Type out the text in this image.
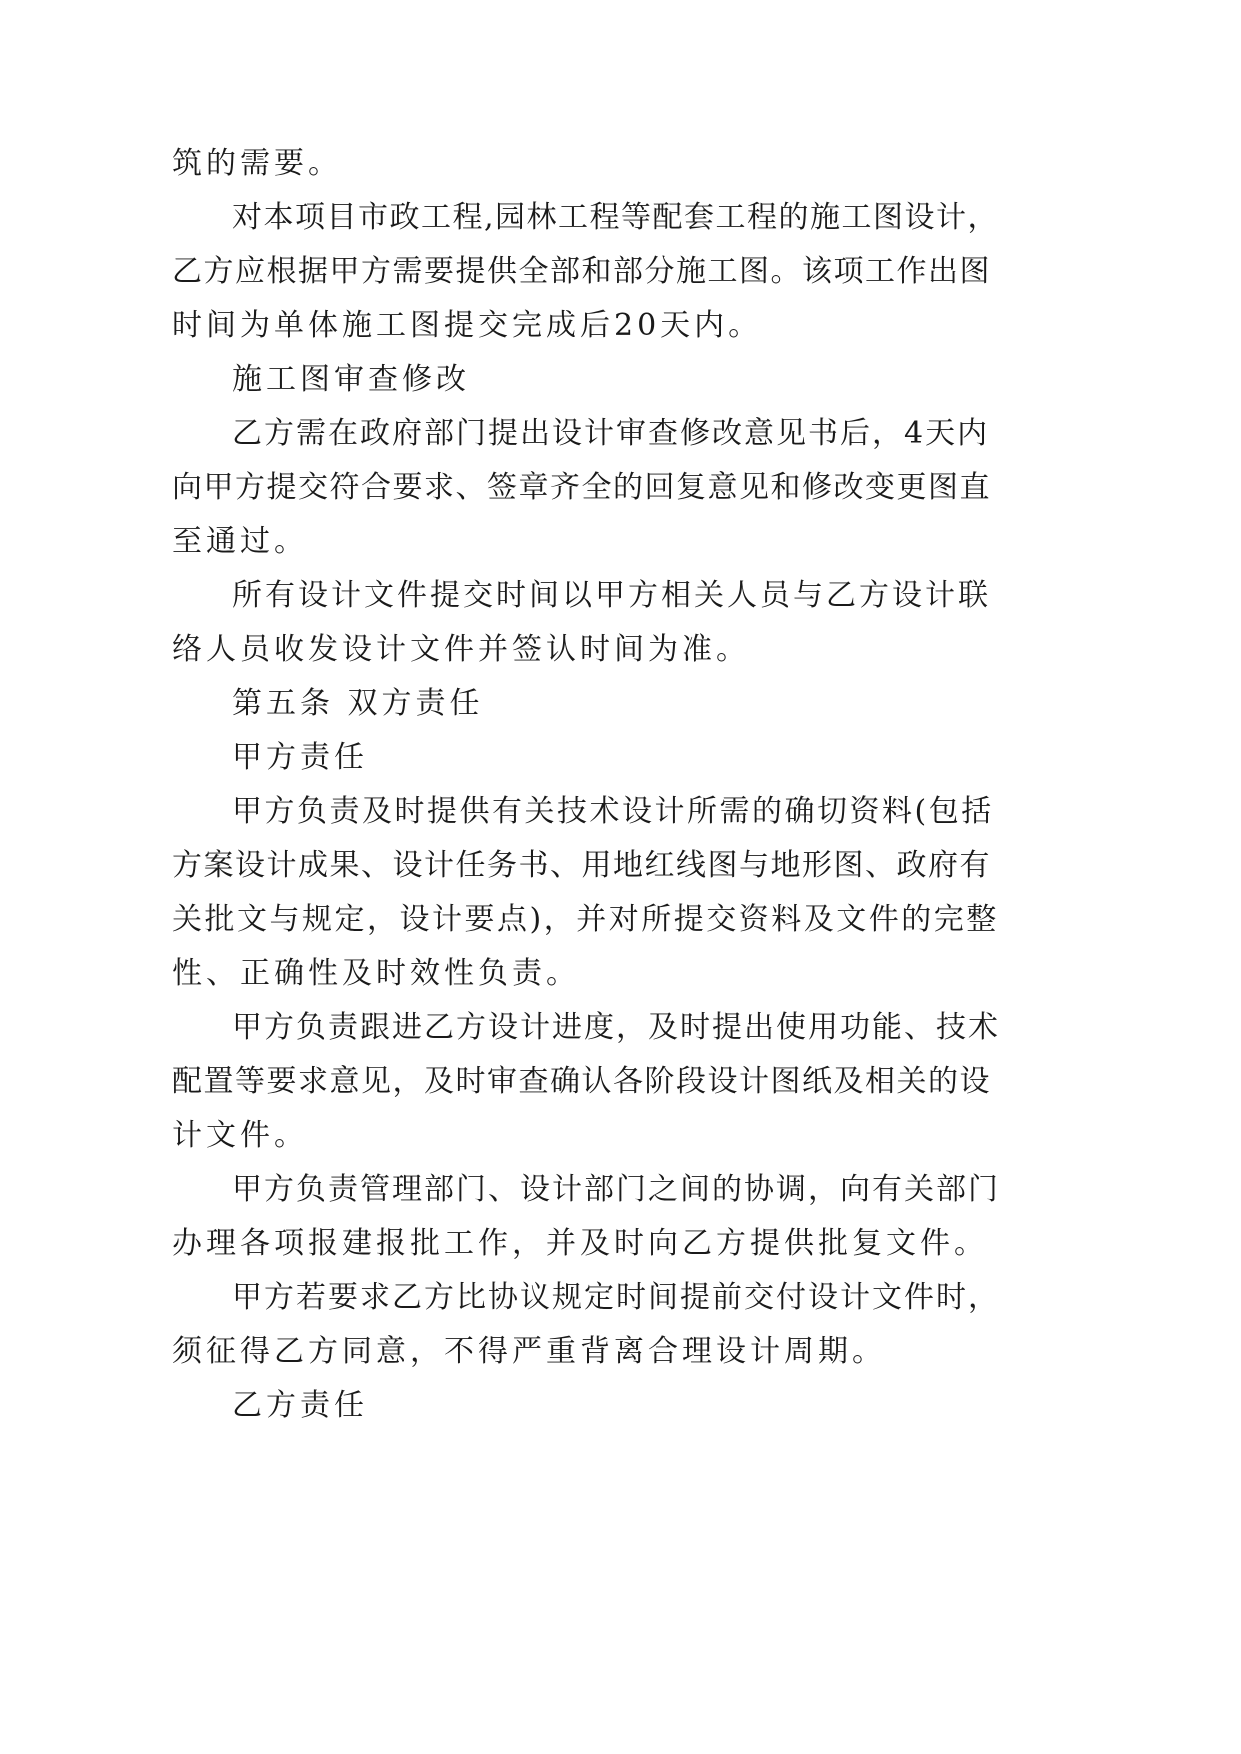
筑的需要。
对本项目市政工程,园林工程等配套工程的施工图设计，
乙方应根据甲方需要提供全部和部分施工图。该项工作出图
时间为单体施工图提交完成后20天内。
施工图审查修改
乙方需在政府部门提出设计审查修改意见书后，4天内
向甲方提交符合要求、签章齐全的回复意见和修改变更图直
至通过。
所有设计文件提交时间以甲方相关人员与乙方设计联
络人员收发设计文件并签认时间为准。
第五条 双方责任
甲方责任
甲方负责及时提供有关技术设计所需的确切资料(包括
方案设计成果、设计任务书、用地红线图与地形图、政府有
关批文与规定，设计要点)，并对所提交资料及文件的完整
性、正确性及时效性负责。
甲方负责跟进乙方设计进度，及时提出使用功能、技术
配置等要求意见，及时审查确认各阶段设计图纸及相关的设
计文件。
甲方负责管理部门、设计部门之间的协调，向有关部门
办理各项报建报批工作，并及时向乙方提供批复文件。
甲方若要求乙方比协议规定时间提前交付设计文件时，
须征得乙方同意，不得严重背离合理设计周期。
乙方责任
